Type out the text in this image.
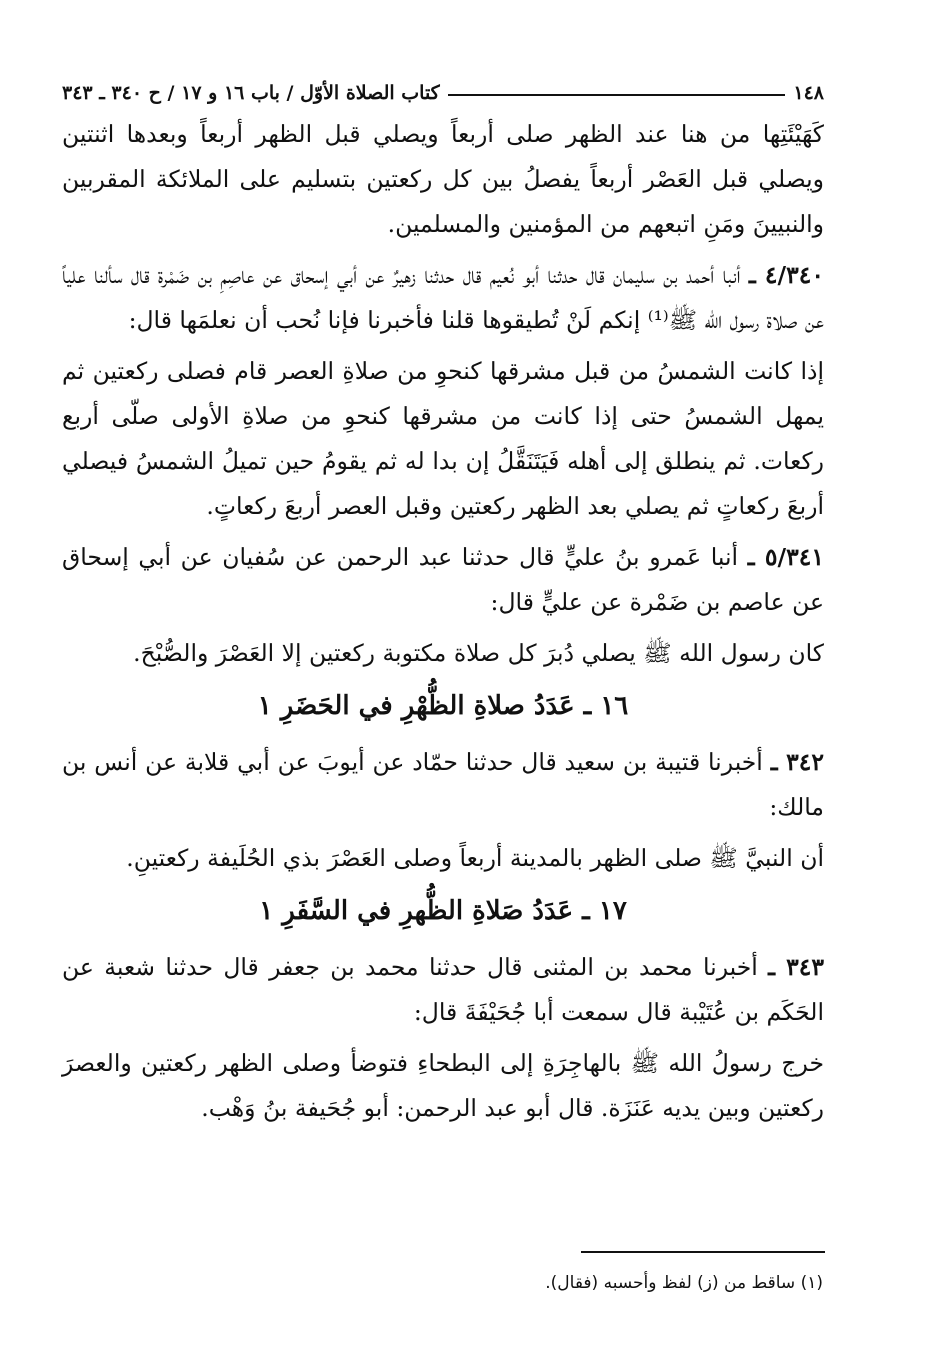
١٤٨
كتاب الصلاة الأوّل / باب ١٦ و ١٧ / ح ٣٤٠ ـ ٣٤٣

كَهَيْئَتِها من هنا عند الظهر صلى أربعاً ويصلي قبل الظهر أربعاً وبعدها اثنتين ويصلي قبل العَصْر أربعاً يفصلُ بين كل ركعتين بتسليم على الملائكة المقربين والنبيينَ ومَنِ اتبعهم من المؤمنين والمسلمين.

٤/٣٤٠ ـ أنبا أحمد بن سليمان قال حدثنا أبو نُعيم قال حدثنا زهيرٌ عن أبي إسحاق عن عاصِمِ بن ضَمْرة قال سألنا علياً عن صلاة رسول الله ﷺ⁽¹⁾ إنكم لَنْ تُطيقوها قلنا فأخبرنا فإنا نُحب أن نعلمَها قال:

إذا كانت الشمسُ من قبل مشرقها كنحوِ من صلاةِ العصر قام فصلى ركعتين ثم يمهل الشمسُ حتى إذا كانت من مشرقها كنحوِ من صلاةِ الأولى صلّى أربع ركعات. ثم ينطلق إلى أهله فَيَتَنَقَّلُ إن بدا له ثم يقومُ حين تميلُ الشمسُ فيصلي أربعَ ركعاتٍ ثم يصلي بعد الظهر ركعتين وقبل العصر أربعَ ركعاتٍ.

٥/٣٤١ ـ أنبا عَمرو بنُ عليٍّ قال حدثنا عبد الرحمن عن سُفيان عن أبي إسحاق عن عاصم بن ضَمْرة عن عليٍّ قال:

كان رسول الله ﷺ يصلي دُبرَ كل صلاة مكتوبة ركعتين إلا العَصْرَ والصُّبْحَ.

١٦ ـ عَدَدُ صلاةِ الظُّهْرِ في الحَضَرِ ١

٣٤٢ ـ أخبرنا قتيبة بن سعيد قال حدثنا حمّاد عن أيوبَ عن أبي قلابة عن أنس بن مالك:

أن النبيَّ ﷺ صلى الظهر بالمدينة أربعاً وصلى العَصْرَ بذي الحُلَيفة ركعتينِ.

١٧ ـ عَدَدُ صَلاةِ الظُّهرِ في السَّفَرِ ١

٣٤٣ ـ أخبرنا محمد بن المثنى قال حدثنا محمد بن جعفر قال حدثنا شعبة عن الحَكَم بن عُتَيْبة قال سمعت أبا جُحَيْفَةَ قال:

خرج رسولُ الله ﷺ بالهاجِرَةِ إلى البطحاءِ فتوضأ وصلى الظهر ركعتين والعصرَ ركعتين وبين يديه عَنَزَة. قال أبو عبد الرحمن: أبو جُحَيفة بنُ وَهْب.

(١) ساقط من (ز) لفظ وأحسبه (فقال).
